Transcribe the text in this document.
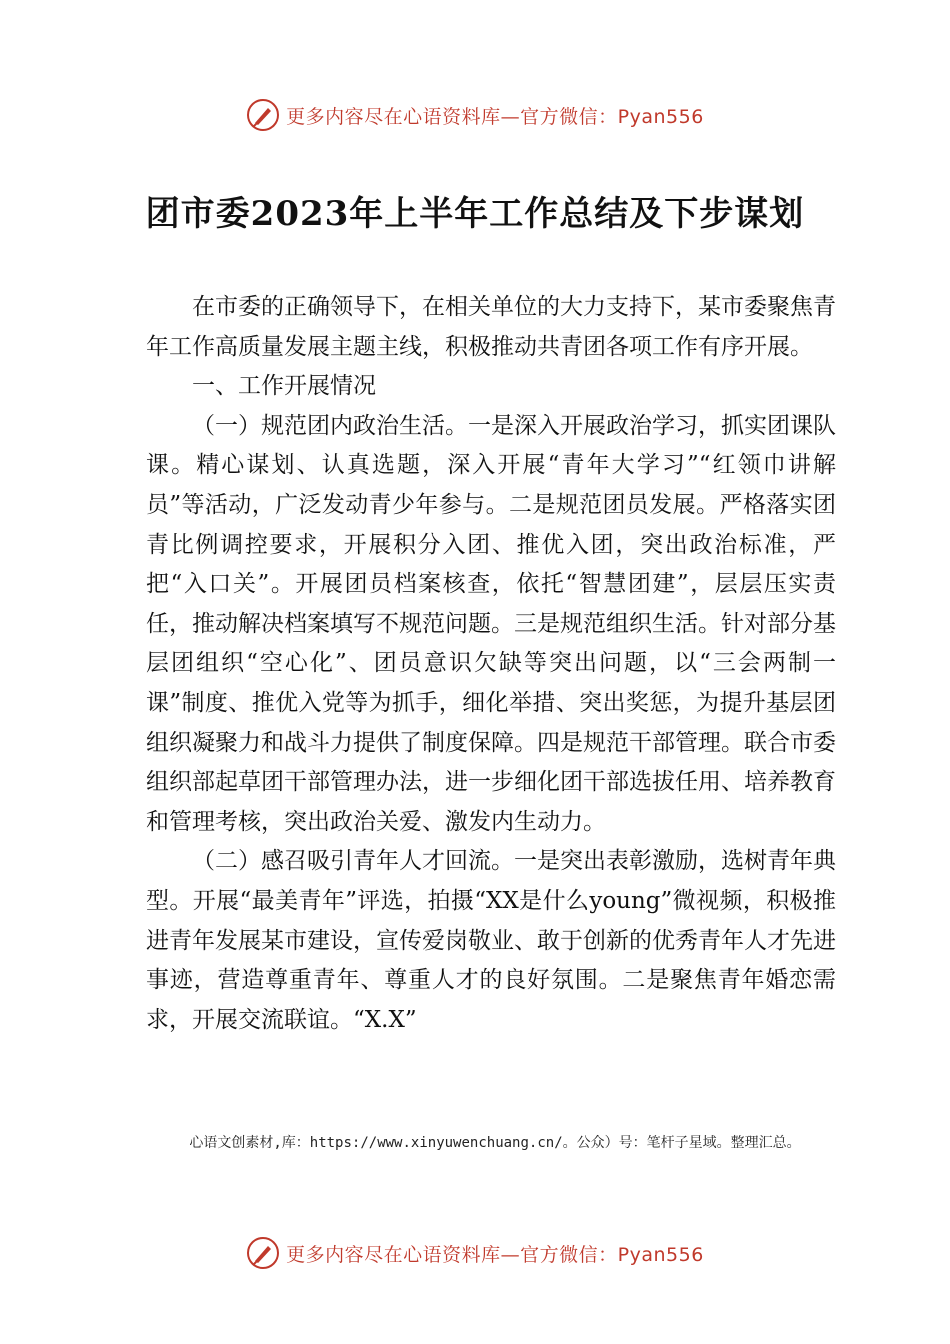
更多内容尽在心语资料库—官方微信：Pyan556
团市委2023年上半年工作总结及下步谋划

在市委的正确领导下，在相关单位的大力支持下，某市委聚焦青年工作高质量发展主题主线，积极推动共青团各项工作有序开展。

一、工作开展情况

（一）规范团内政治生活。一是深入开展政治学习，抓实团课队课。精心谋划、认真选题，深入开展“青年大学习”“红领巾讲解员”等活动，广泛发动青少年参与。二是规范团员发展。严格落实团青比例调控要求，开展积分入团、推优入团，突出政治标准，严把“入口关”。开展团员档案核查，依托“智慧团建”，层层压实责任，推动解决档案填写不规范问题。三是规范组织生活。针对部分基层团组织“空心化”、团员意识欠缺等突出问题，以“三会两制一课”制度、推优入党等为抓手，细化举措、突出奖惩，为提升基层团组织凝聚力和战斗力提供了制度保障。四是规范干部管理。联合市委组织部起草团干部管理办法，进一步细化团干部选拔任用、培养教育和管理考核，突出政治关爱、激发内生动力。

（二）感召吸引青年人才回流。一是突出表彰激励，选树青年典型。开展“最美青年”评选，拍摄“XX是什么young”微视频，积极推进青年发展某市建设，宣传爱岗敬业、敢于创新的优秀青年人才先进事迹，营造尊重青年、尊重人才的良好氛围。二是聚焦青年婚恋需求，开展交流联谊。“X.X”

心语文创素材,库：https://www.xinyuwenchuang.cn/。公众）号：笔杆子星域。整理汇总。
更多内容尽在心语资料库—官方微信：Pyan556
